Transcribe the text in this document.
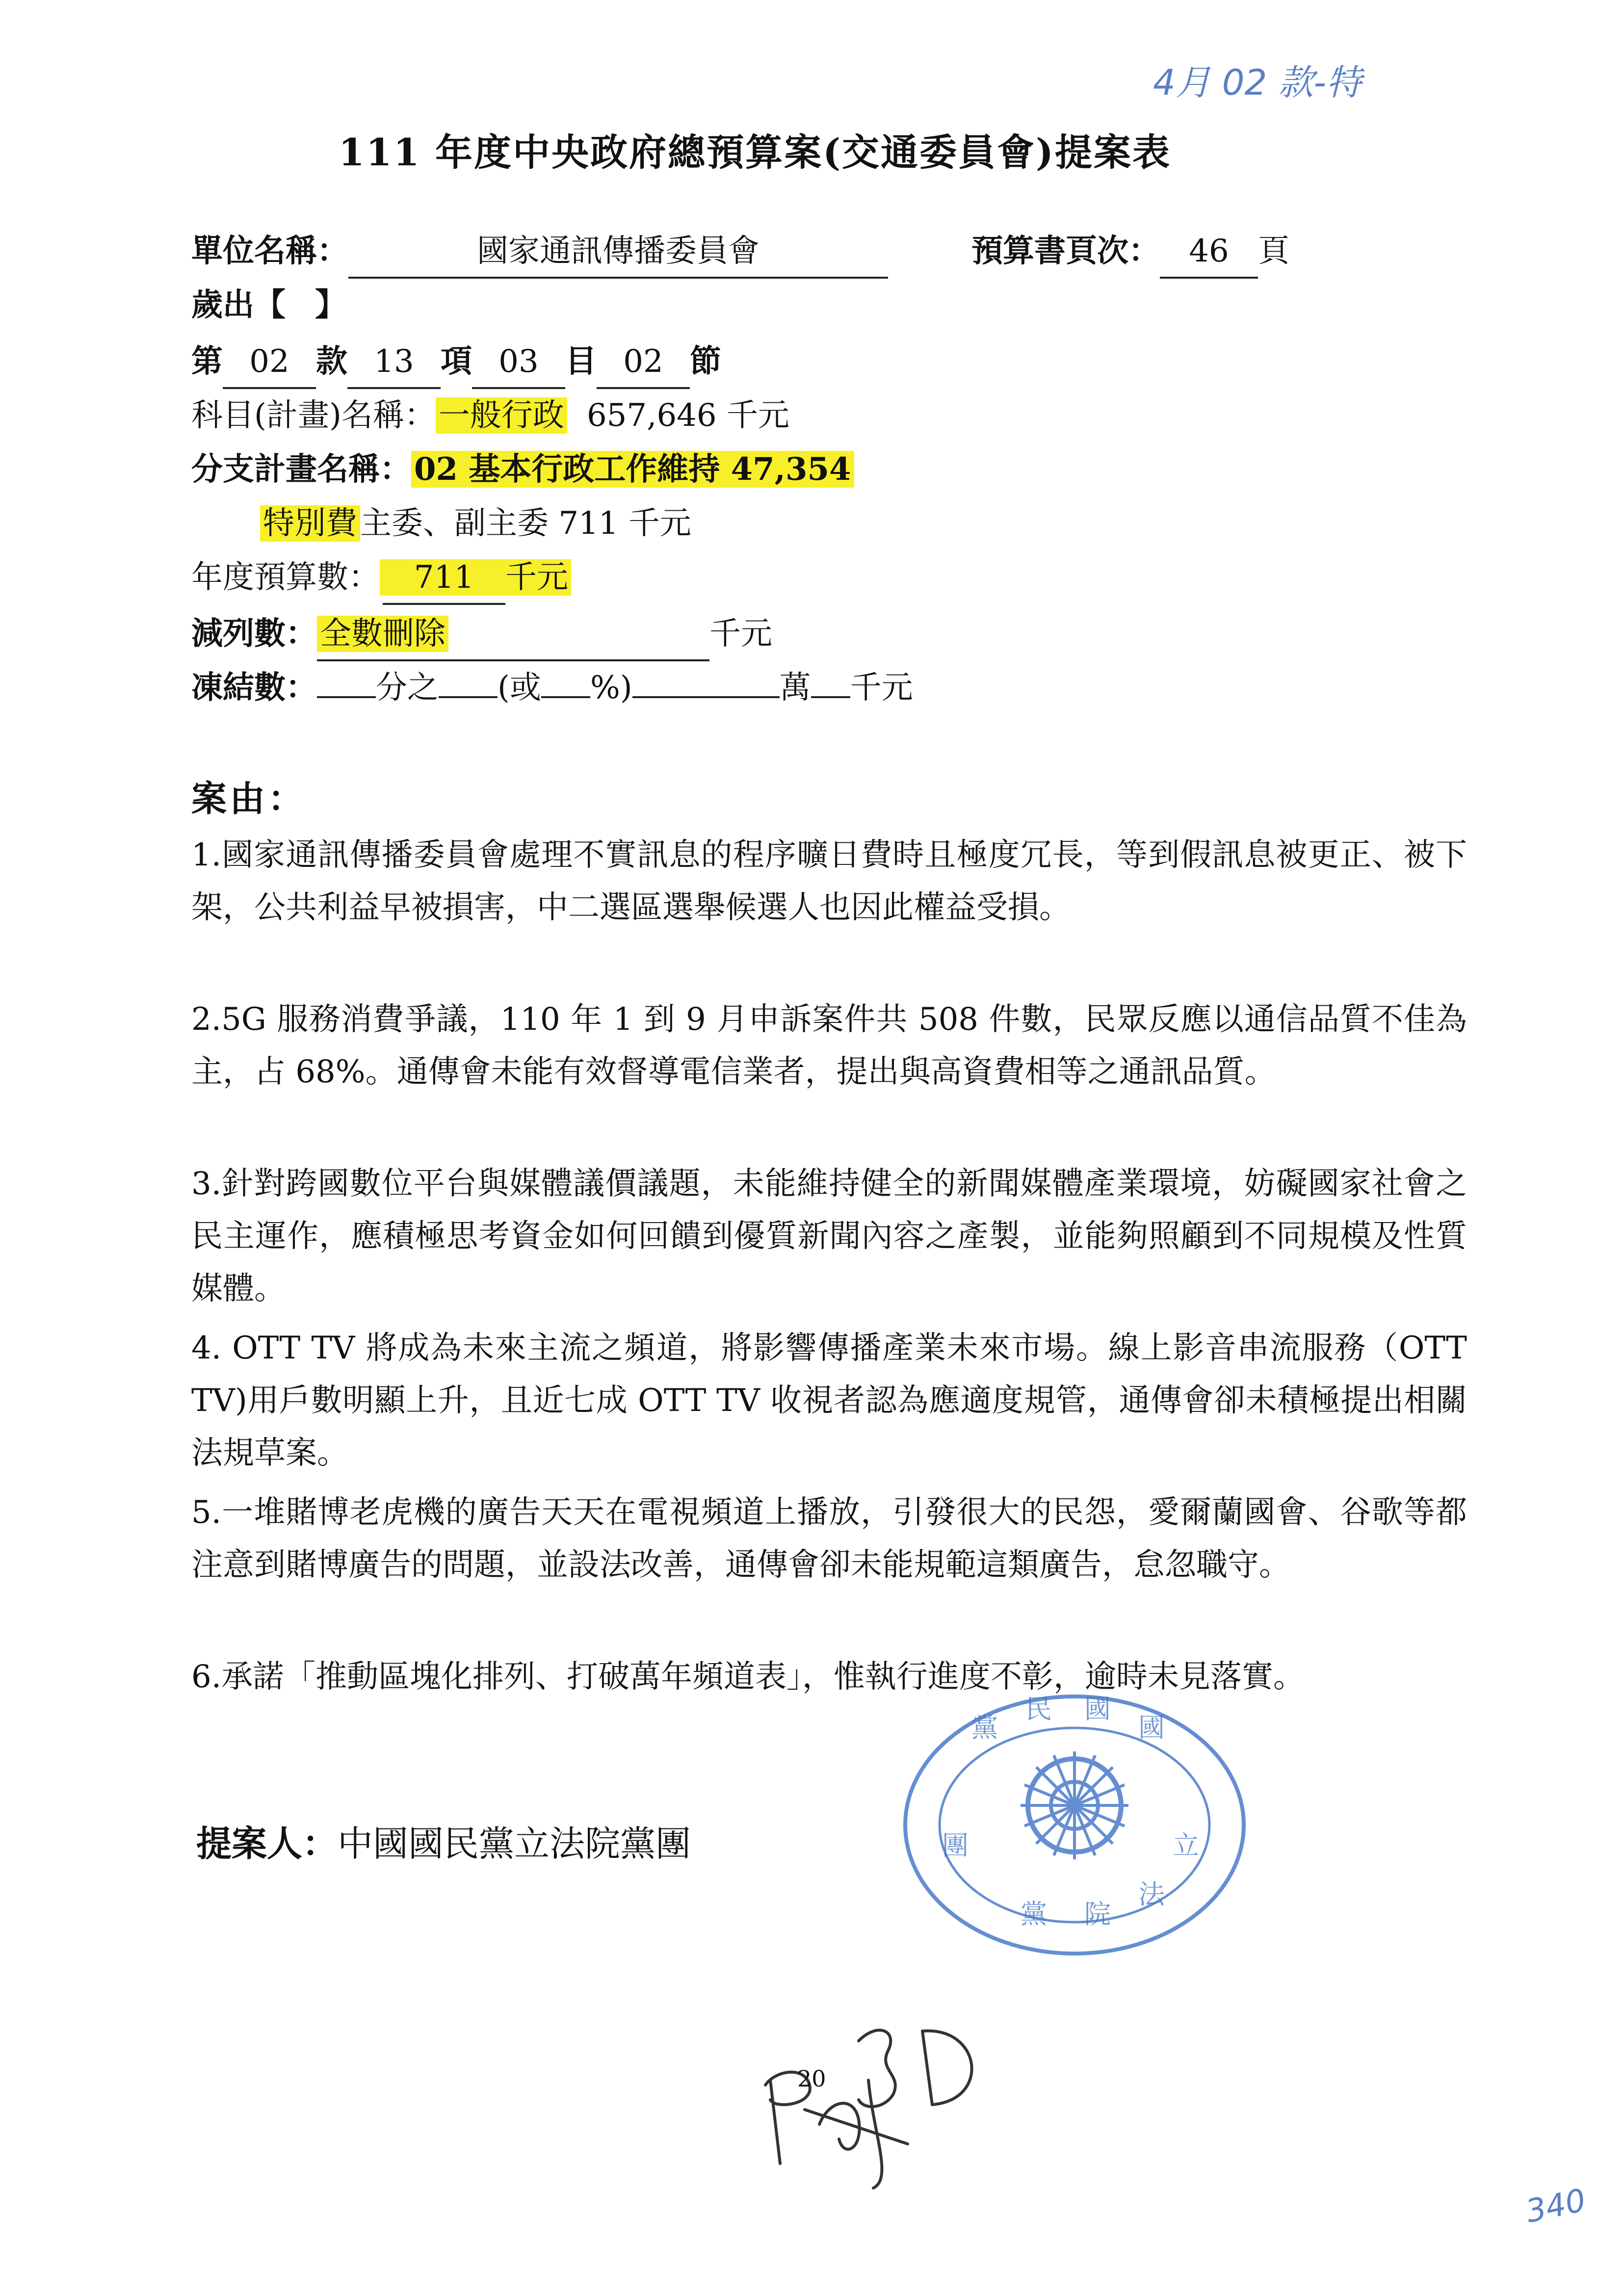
4月 02 款-特
111 年度中央政府總預算案(交通委員會)提案表
單位名稱：	國家通訊傳播委員會	預算書頁次： 46 頁
歲出【 】
第 02 款 13 項 03 目 02 節
科目(計畫)名稱：一般行政 657,646 千元
分支計畫名稱：02 基本行政工作維持 47,354
特別費主委、副主委 711 千元
年度預算數： 711 千元
減列數：全數刪除	千元
凍結數： 分之 (或 %)	萬 千元
案由：
1.國家通訊傳播委員會處理不實訊息的程序曠日費時且極度冗長，等到假訊息被更正、被下架，公共利益早被損害，中二選區選舉候選人也因此權益受損。
2.5G 服務消費爭議，110 年 1 到 9 月申訴案件共 508 件數，民眾反應以通信品質不佳為主，占 68%。通傳會未能有效督導電信業者，提出與高資費相等之通訊品質。
3.針對跨國數位平台與媒體議價議題，未能維持健全的新聞媒體產業環境，妨礙國家社會之民主運作，應積極思考資金如何回饋到優質新聞內容之產製，並能夠照顧到不同規模及性質媒體。
4. OTT TV 將成為未來主流之頻道，將影響傳播產業未來市場。線上影音串流服務（OTT TV)用戶數明顯上升，且近七成 OTT TV 收視者認為應適度規管，通傳會卻未積極提出相關法規草案。
5.一堆賭博老虎機的廣告天天在電視頻道上播放，引發很大的民怨，愛爾蘭國會、谷歌等都注意到賭博廣告的問題，並設法改善，通傳會卻未能規範這類廣告，怠忽職守。
6.承諾「推動區塊化排列、打破萬年頻道表」，惟執行進度不彰，逾時未見落實。
提案人：中國國民黨立法院黨團
黨
民 國
國
團
黨 院
法
立
20
340
